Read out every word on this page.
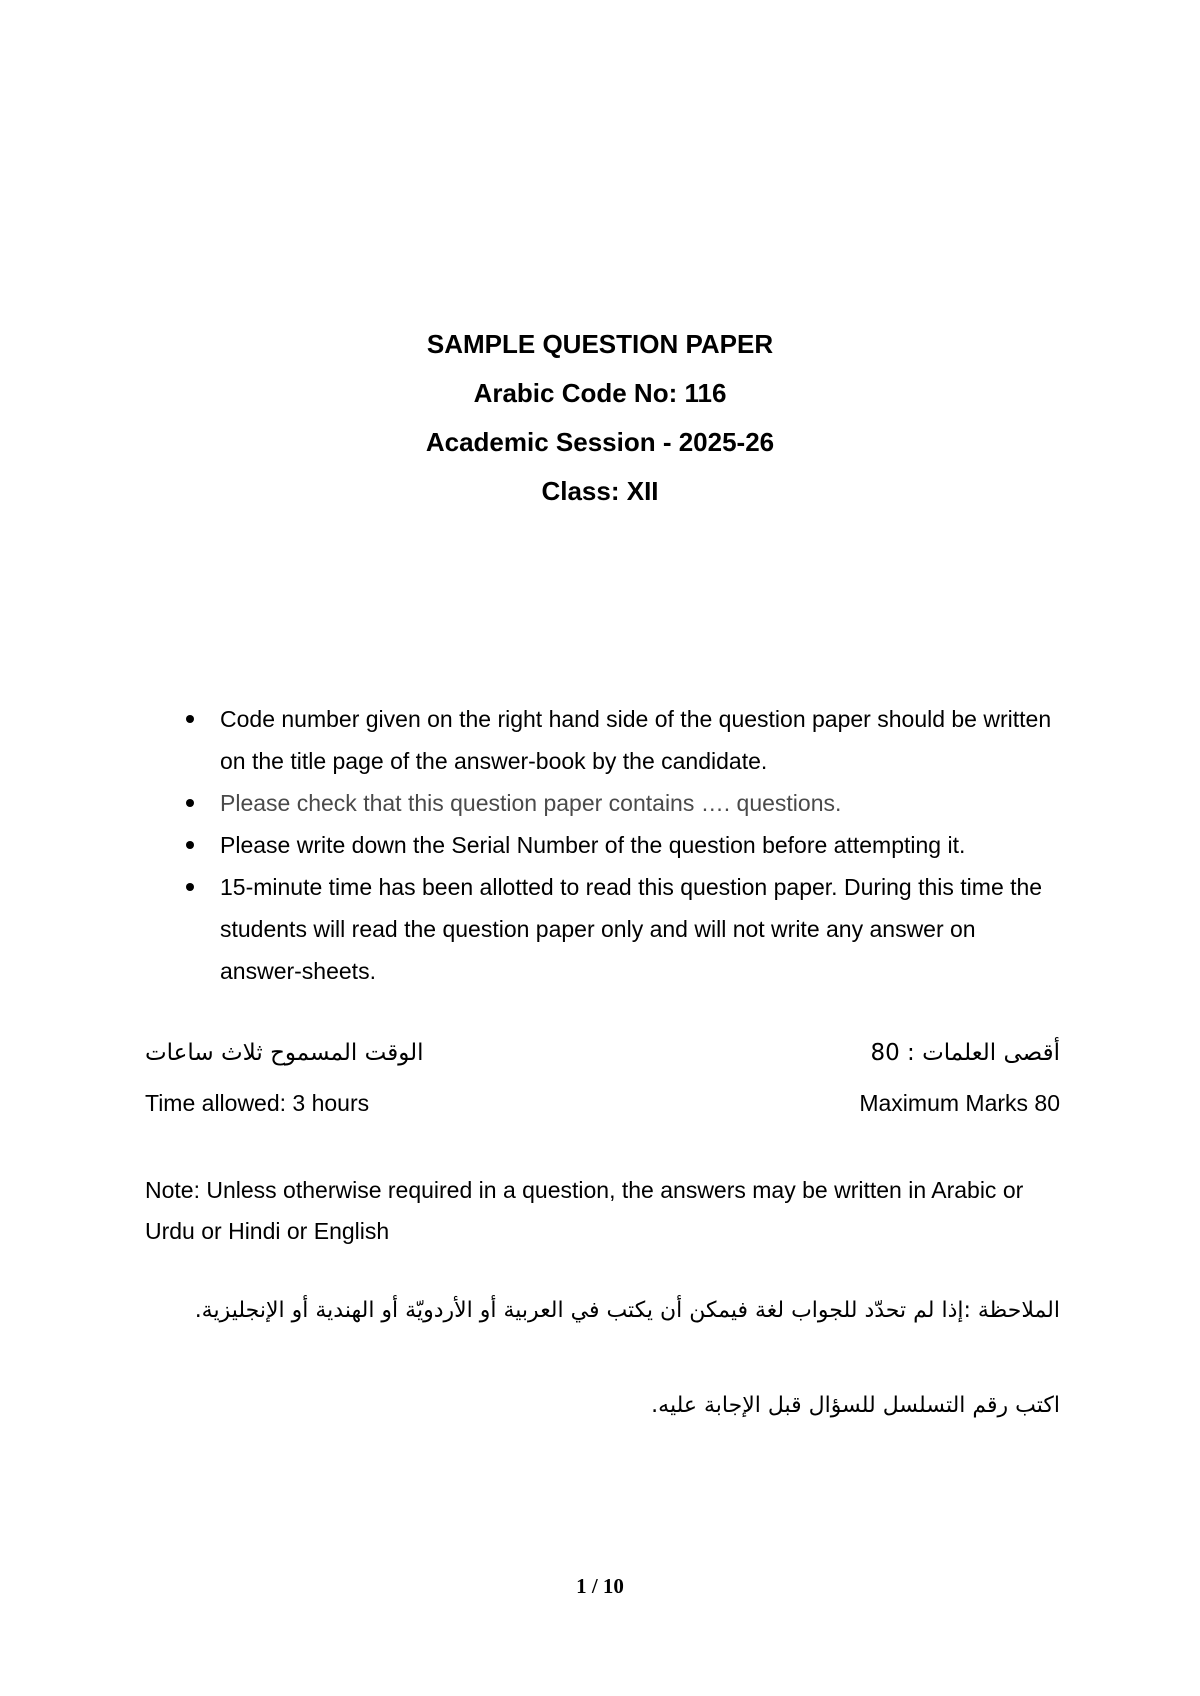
SAMPLE QUESTION PAPER

Arabic Code No: 116

Academic Session - 2025-26

Class: XII

Code number given on the right hand side of the question paper should be written on the title page of the answer-book by the candidate.
Please check that this question paper contains …. questions.
Please write down the Serial Number of the question before attempting it.
15-minute time has been allotted to read this question paper. During this time the students will read the question paper only and will not write any answer on answer-sheets.
الوقت المسموح ثلاث ساعات	أقصى العلمات : 80
Time allowed: 3 hours	Maximum Marks 80

Note: Unless otherwise required in a question, the answers may be written in Arabic or Urdu or Hindi or English

الملاحظة :إذا لم تحدّد للجواب لغة فيمكن أن يكتب في العربية أو الأردويّة أو الهندية أو الإنجليزية.

اكتب رقم التسلسل للسؤال قبل الإجابة عليه.

1 / 10
